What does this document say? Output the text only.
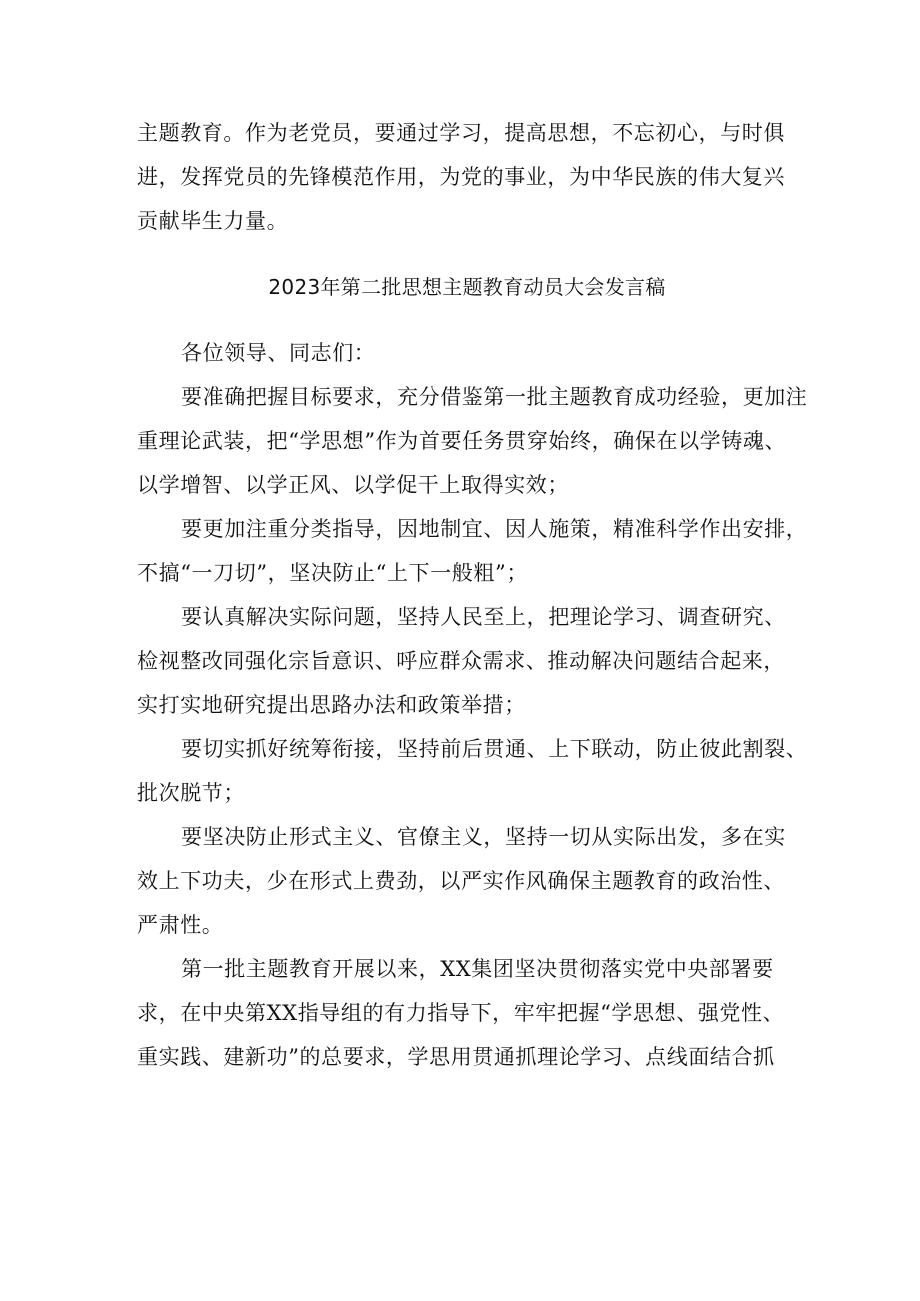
主题教育。作为老党员，要通过学习，提高思想，不忘初心，与时俱
进，发挥党员的先锋模范作用，为党的事业，为中华民族的伟大复兴
贡献毕生力量。
2023年第二批思想主题教育动员大会发言稿
各位领导、同志们：
要准确把握目标要求，充分借鉴第一批主题教育成功经验，更加注
重理论武装，把“学思想”作为首要任务贯穿始终，确保在以学铸魂、
以学增智、以学正风、以学促干上取得实效；
要更加注重分类指导，因地制宜、因人施策，精准科学作出安排，
不搞“一刀切”，坚决防止“上下一般粗”；
要认真解决实际问题，坚持人民至上，把理论学习、调查研究、
检视整改同强化宗旨意识、呼应群众需求、推动解决问题结合起来，
实打实地研究提出思路办法和政策举措；
要切实抓好统筹衔接，坚持前后贯通、上下联动，防止彼此割裂、
批次脱节；
要坚决防止形式主义、官僚主义，坚持一切从实际出发，多在实
效上下功夫，少在形式上费劲，以严实作风确保主题教育的政治性、
严肃性。
第一批主题教育开展以来，XX集团坚决贯彻落实党中央部署要
求，在中央第XX指导组的有力指导下，牢牢把握“学思想、强党性、
重实践、建新功”的总要求，学思用贯通抓理论学习、点线面结合抓
